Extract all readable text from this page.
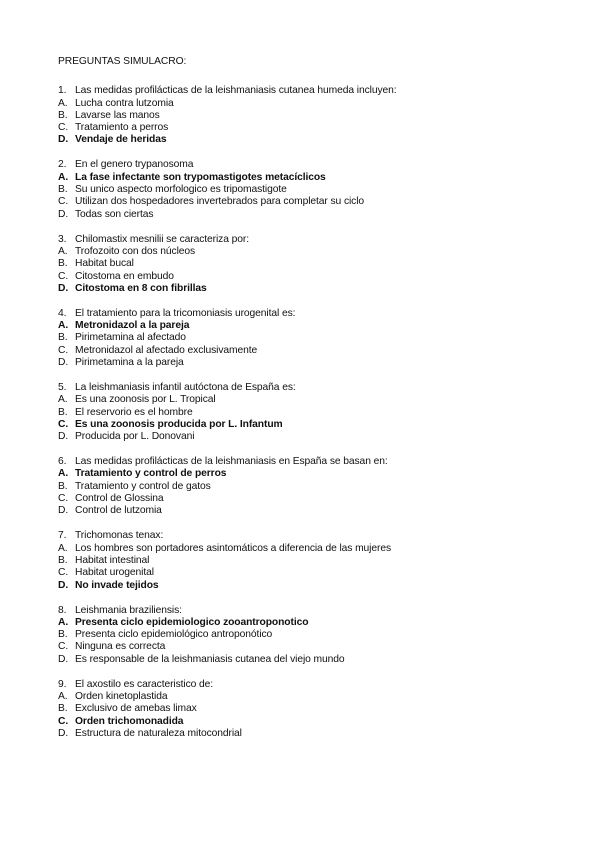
PREGUNTAS SIMULACRO:
1. Las medidas profilácticas de la leishmaniasis cutanea humeda incluyen:
A. Lucha contra lutzomia
B. Lavarse las manos
C. Tratamiento a perros
D. Vendaje de heridas
2. En el genero trypanosoma
A. La fase infectante son trypomastigotes metacíclicos
B. Su unico aspecto morfologico es tripomastigote
C. Utilizan dos hospedadores invertebrados para completar su ciclo
D. Todas son ciertas
3. Chilomastix mesnilii se caracteriza por:
A. Trofozoito con dos núcleos
B. Habitat bucal
C. Citostoma en embudo
D. Citostoma en 8 con fibrillas
4. El tratamiento para la tricomoniasis urogenital es:
A. Metronidazol a la pareja
B. Pirimetamina al afectado
C. Metronidazol al afectado exclusivamente
D. Pirimetamina a la pareja
5. La leishmaniasis infantil autóctona de España es:
A. Es una zoonosis por L. Tropical
B. El reservorio es el hombre
C. Es una zoonosis producida por L. Infantum
D. Producida por L. Donovani
6. Las medidas profilácticas de la leishmaniasis en España se basan en:
A. Tratamiento y control de perros
B. Tratamiento y control de gatos
C. Control de Glossina
D. Control de lutzomia
7. Trichomonas tenax:
A. Los hombres son portadores asintomáticos a diferencia de las mujeres
B. Habitat intestinal
C. Habitat urogenital
D. No invade tejidos
8. Leishmania braziliensis:
A. Presenta ciclo epidemiologico zooantroponotico
B. Presenta ciclo epidemiológico antroponótico
C. Ninguna es correcta
D. Es responsable de la leishmaniasis cutanea del viejo mundo
9. El axostilo es caracteristico de:
A. Orden kinetoplastida
B. Exclusivo de amebas limax
C. Orden trichomonadida
D. Estructura de naturaleza mitocondrial
